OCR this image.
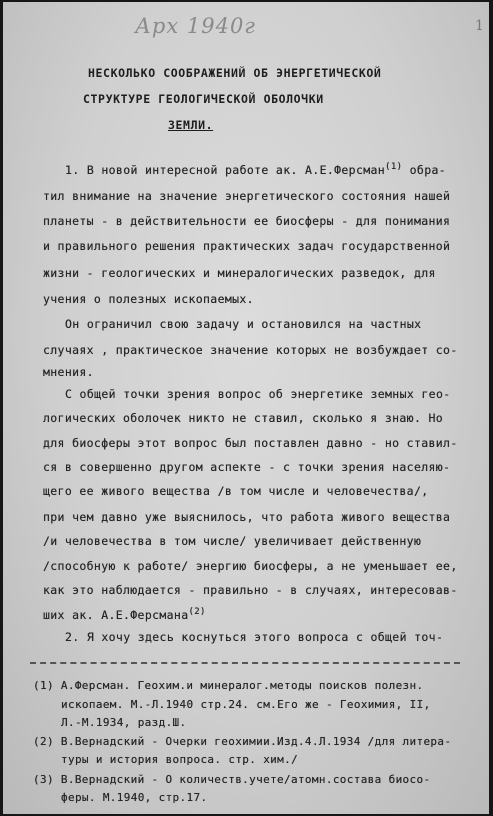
Арх 1940г	1
НЕСКОЛЬКО СООБРАЖЕНИЙ ОБ ЭНЕРГЕТИЧЕСКОЙ
СТРУКТУРЕ ГЕОЛОГИЧЕСКОЙ ОБОЛОЧКИ
ЗЕМЛИ.
1. В новой интересной работе ак. А.Е.Ферсман$^{(1)}$ обра-
тил внимание на значение энергетического состояния нашей
планеты - в действительности ее биосферы - для понимания
и правильного решения практических задач государственной
жизни - геологических и минералогических разведок, для
учения о полезных ископаемых.
Он ограничил свою задачу и остановился на частных
случаях , практическое значение которых не возбуждает со-
мнения.
С общей точки зрения вопрос об энергетике земных гео-
логических оболочек никто не ставил, сколько я знаю. Но
для биосферы этот вопрос был поставлен давно - но ставил-
ся в совершенно другом аспекте - с точки зрения населяю-
щего ее живого вещества /в том числе и человечества/,
при чем давно уже выяснилось, что работа живого вещества
/и человечества в том числе/ увеличивает действенную
/способную к работе/ энергию биосферы, а не уменьшает ее,
как это наблюдается - правильно - в случаях, интересовав-
ших ак. А.Е.Ферсмана$^{(2)}$
2. Я хочу здесь коснуться этого вопроса с общей точ-
(1) А.Ферсман. Геохим.и минералог.методы поисков полезн.
ископаем. М.-Л.1940 стр.24. см.Его же - Геохимия, II,
Л.-М.1934, разд.Ш.
(2) В.Вернадский - Очерки геохимии.Изд.4.Л.1934 /для литера-
туры и история вопроса. стр. хим./
(3) В.Вернадский - О количеств.учете/атомн.состава биосо-
феры. М.1940, стр.17.
